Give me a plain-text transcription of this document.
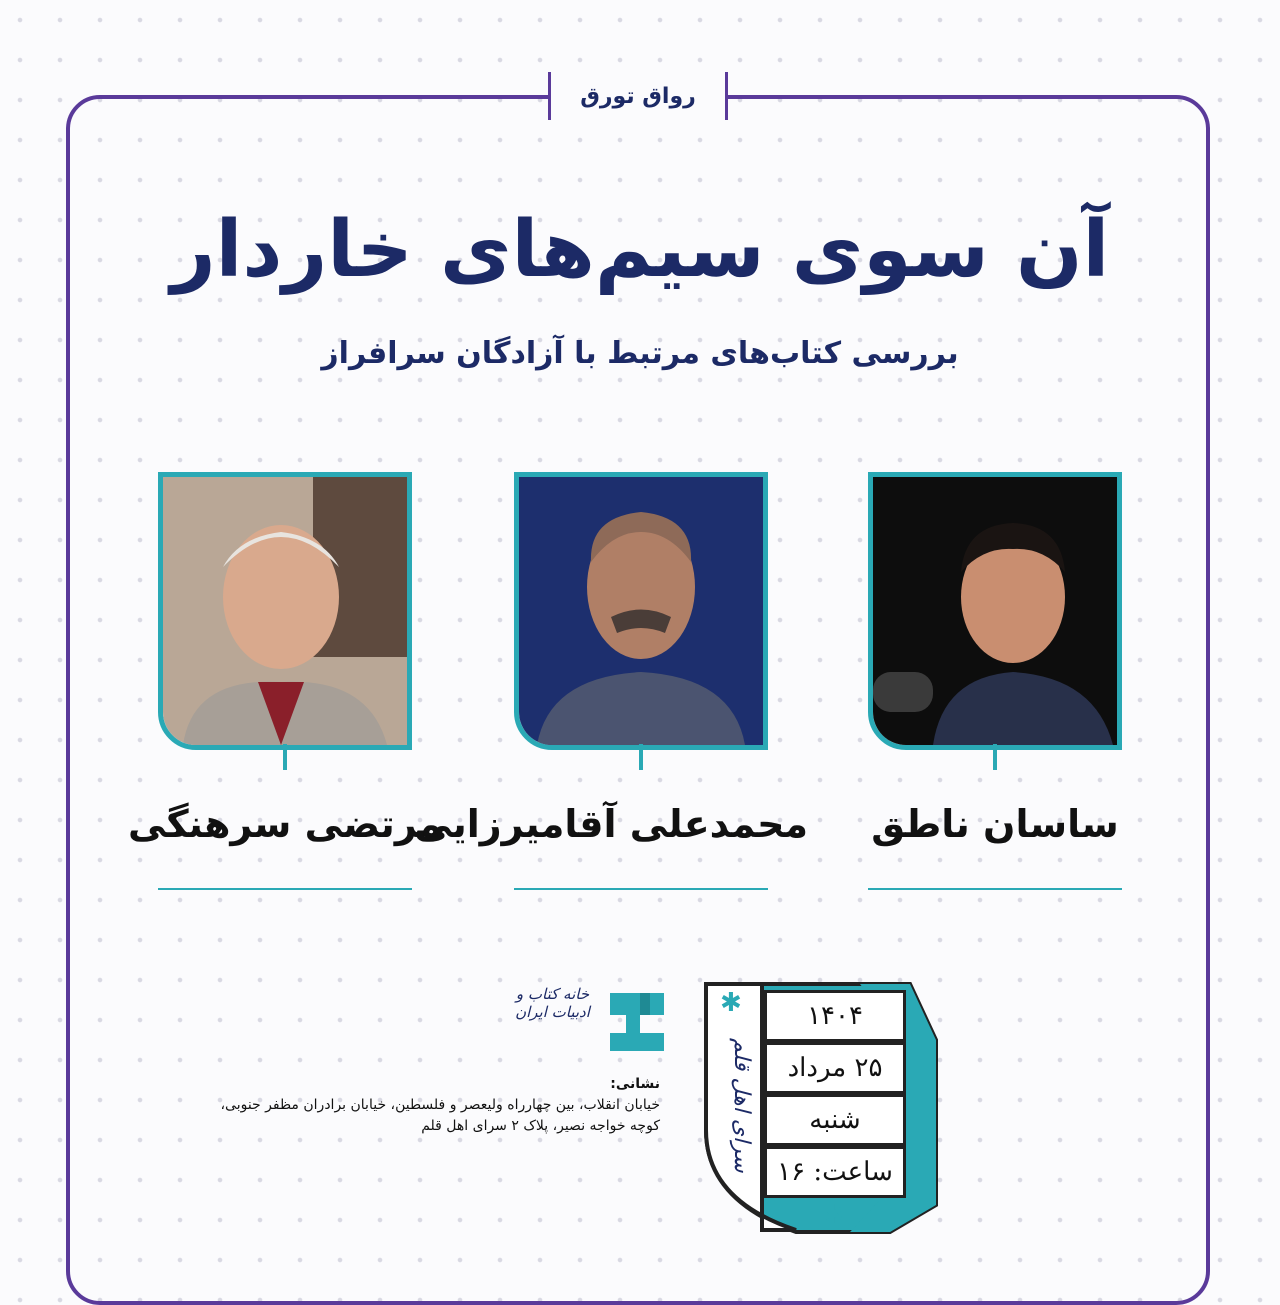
رواق تورق
آن سوی سیم‌های خاردار
بررسی کتاب‌های مرتبط با آزادگان سرافراز
مرتضی سرهنگی
محمدعلی آقامیرزایی	ساسان ناطق
خانه کتاب و ادبیات ایران
نشانی:
خیابان انقلاب، بین چهارراه ولیعصر و فلسطین، خیابان برادران مظفر جنوبی، کوچه خواجه نصیر، پلاک ۲ سرای اهل قلم
✱
سرای اهل قلم
۱۴۰۴
۲۵ مرداد
شنبه
ساعت: ۱۶
✱
